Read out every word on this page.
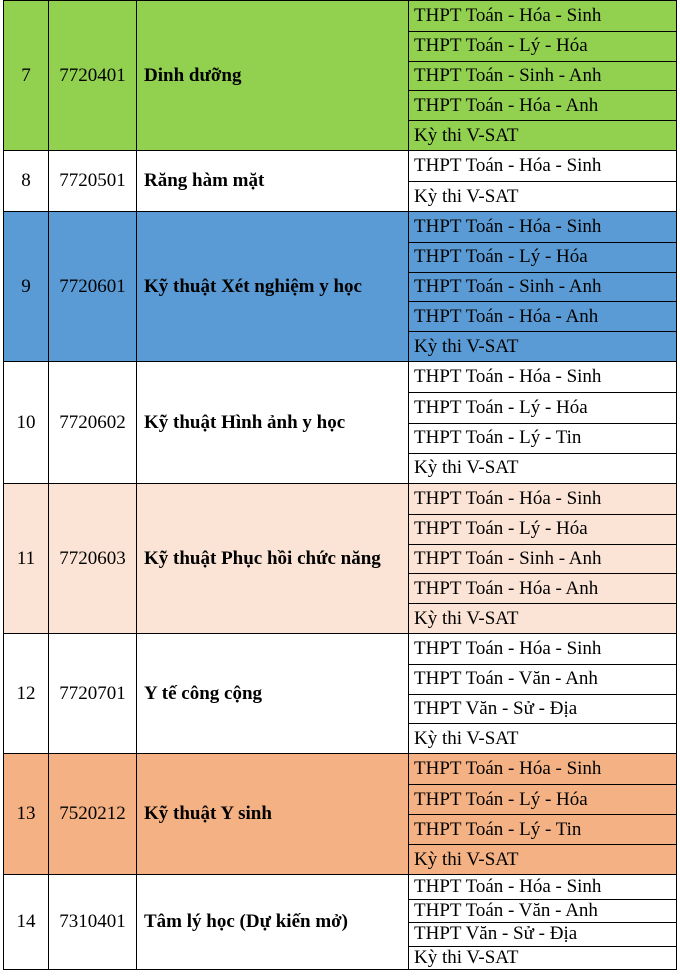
7	7720401 Dinh dưỡng
THPT Toán - Hóa - Sinh
THPT Toán - Lý - Hóa
THPT Toán - Sinh - Anh
THPT Toán - Hóa - Anh
Kỳ thi V-SAT
8	7720501 Răng hàm mặt
THPT Toán - Hóa - Sinh
Kỳ thi V-SAT
9	7720601 Kỹ thuật Xét nghiệm y học
THPT Toán - Hóa - Sinh
THPT Toán - Lý - Hóa
THPT Toán - Sinh - Anh
THPT Toán - Hóa - Anh
Kỳ thi V-SAT
10	7720602 Kỹ thuật Hình ảnh y học
THPT Toán - Hóa - Sinh
THPT Toán - Lý - Hóa
THPT Toán - Lý - Tin
Kỳ thi V-SAT
11	7720603 Kỹ thuật Phục hồi chức năng
THPT Toán - Hóa - Sinh
THPT Toán - Lý - Hóa
THPT Toán - Sinh - Anh
THPT Toán - Hóa - Anh
Kỳ thi V-SAT
12	7720701 Y tế công cộng
THPT Toán - Hóa - Sinh
THPT Toán - Văn - Anh
THPT Văn - Sử - Địa
Kỳ thi V-SAT
13	7520212 Kỹ thuật Y sinh
THPT Toán - Hóa - Sinh
THPT Toán - Lý - Hóa
THPT Toán - Lý - Tin
Kỳ thi V-SAT
14	7310401 Tâm lý học (Dự kiến mở)
THPT Toán - Hóa - Sinh
THPT Toán - Văn - Anh
THPT Văn - Sử - Địa
Kỳ thi V-SAT
